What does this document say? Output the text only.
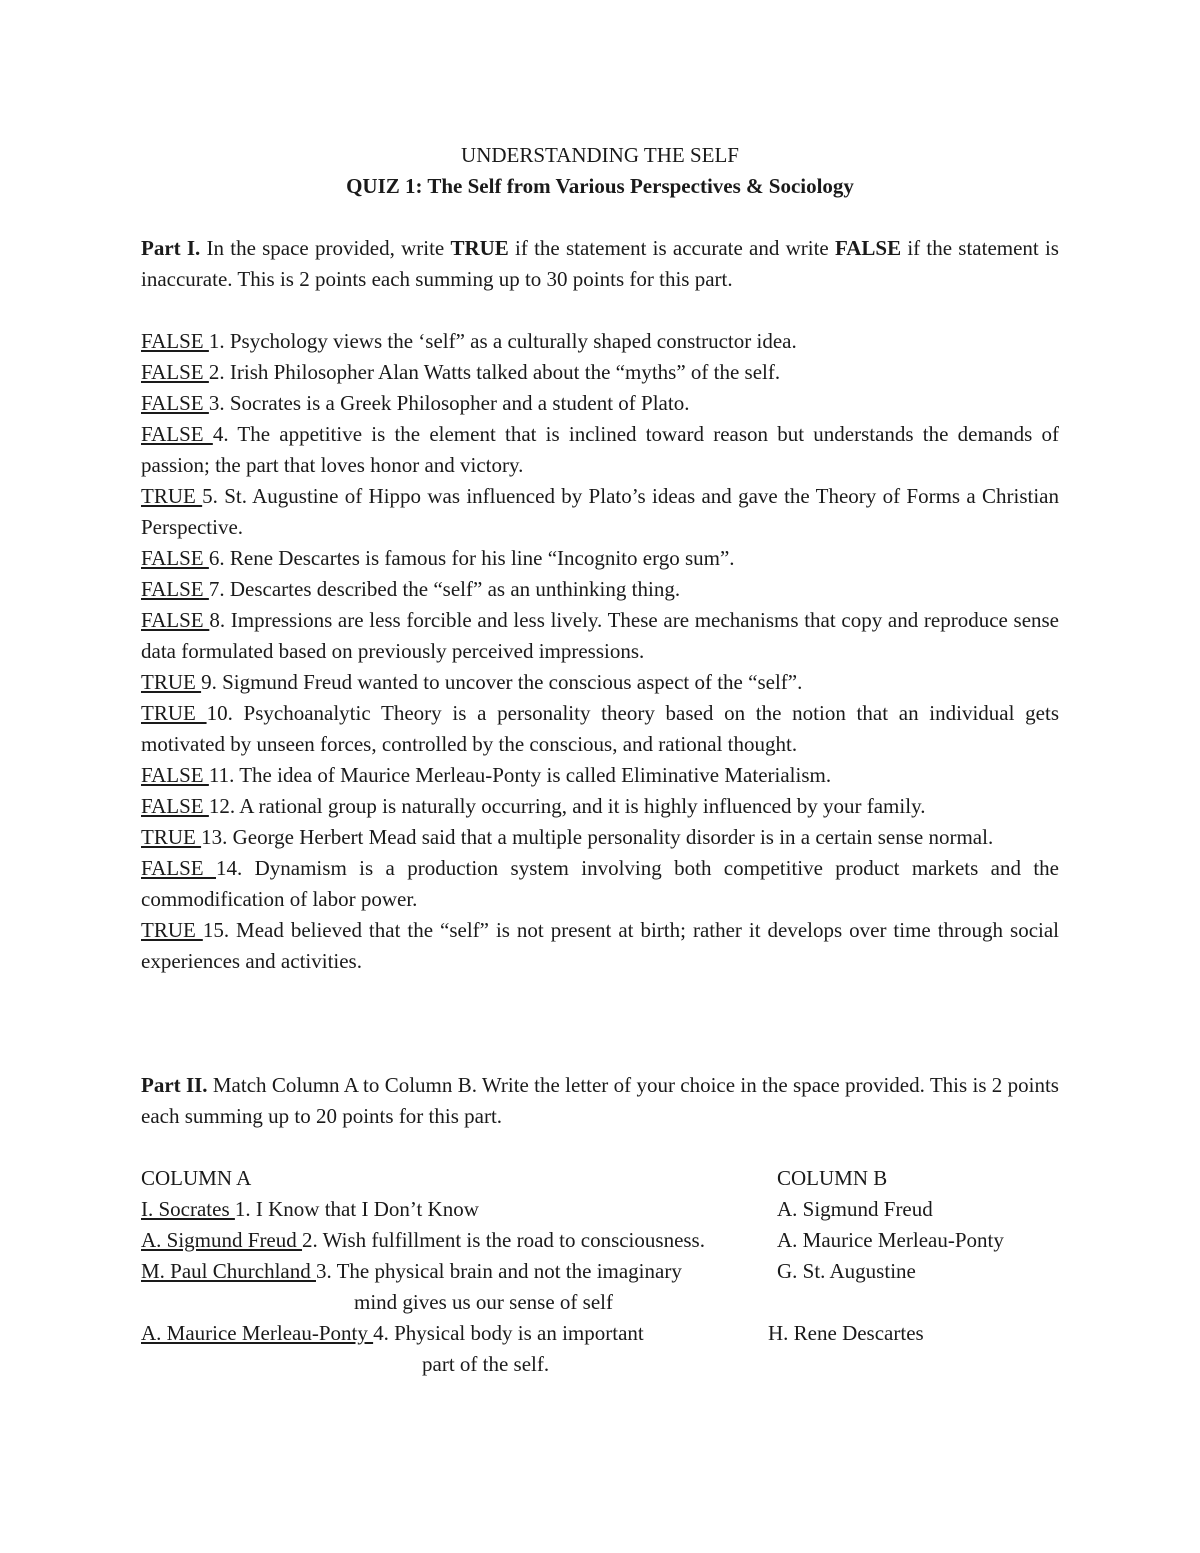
UNDERSTANDING THE SELF
QUIZ 1: The Self from Various Perspectives & Sociology
Part I. In the space provided, write TRUE if the statement is accurate and write FALSE if the statement is inaccurate. This is 2 points each summing up to 30 points for this part.
FALSE 1. Psychology views the ‘self” as a culturally shaped constructor idea.
FALSE 2. Irish Philosopher Alan Watts talked about the “myths” of the self.
FALSE 3. Socrates is a Greek Philosopher and a student of Plato.
FALSE 4. The appetitive is the element that is inclined toward reason but understands the demands of passion; the part that loves honor and victory.
TRUE 5. St. Augustine of Hippo was influenced by Plato’s ideas and gave the Theory of Forms a Christian Perspective.
FALSE 6. Rene Descartes is famous for his line “Incognito ergo sum”.
FALSE 7. Descartes described the “self” as an unthinking thing.
FALSE 8. Impressions are less forcible and less lively. These are mechanisms that copy and reproduce sense data formulated based on previously perceived impressions.
TRUE 9. Sigmund Freud wanted to uncover the conscious aspect of the “self”.
TRUE 10. Psychoanalytic Theory is a personality theory based on the notion that an individual gets motivated by unseen forces, controlled by the conscious, and rational thought.
FALSE 11. The idea of Maurice Merleau-Ponty is called Eliminative Materialism.
FALSE 12. A rational group is naturally occurring, and it is highly influenced by your family.
TRUE 13. George Herbert Mead said that a multiple personality disorder is in a certain sense normal.
FALSE 14. Dynamism is a production system involving both competitive product markets and the commodification of labor power.
TRUE 15. Mead believed that the “self” is not present at birth; rather it develops over time through social experiences and activities.
Part II. Match Column A to Column B. Write the letter of your choice in the space provided. This is 2 points each summing up to 20 points for this part.
COLUMN A	COLUMN B
I. Socrates 1. I Know that I Don’t Know	A. Sigmund Freud
A. Sigmund Freud 2. Wish fulfillment is the road to consciousness.	A. Maurice Merleau-Ponty
M. Paul Churchland 3. The physical brain and not the imaginary	G. St. Augustine
mind gives us our sense of self
A. Maurice Merleau-Ponty 4. Physical body is an important	H. Rene Descartes
part of the self.
